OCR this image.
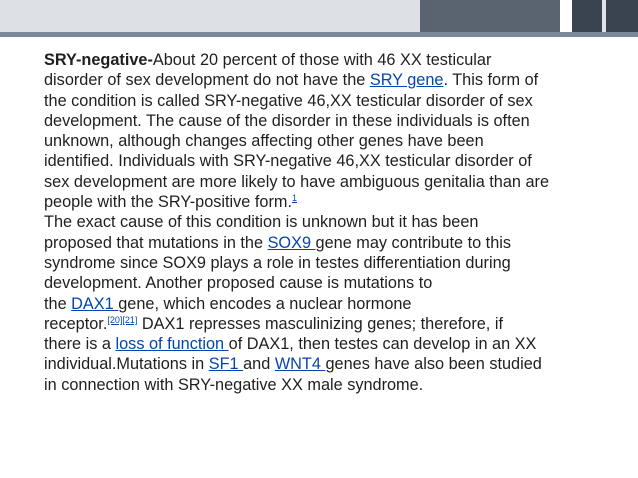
SRY-negative-About 20 percent of those with 46 XX testicular
disorder of sex development do not have the SRY gene. This form of
the condition is called SRY-negative 46,XX testicular disorder of sex
development. The cause of the disorder in these individuals is often
unknown, although changes affecting other genes have been
identified. Individuals with SRY-negative 46,XX testicular disorder of
sex development are more likely to have ambiguous genitalia than are
people with the SRY-positive form.$^1$
The exact cause of this condition is unknown but it has been
proposed that mutations in the SOX9 gene may contribute to this
syndrome since SOX9 plays a role in testes differentiation during
development. Another proposed cause is mutations to
the DAX1 gene, which encodes a nuclear hormone
receptor.[20][21] DAX1 represses masculinizing genes; therefore, if
there is a loss of function of DAX1, then testes can develop in an XX
individual.Mutations in SF1 and WNT4 genes have also been studied
in connection with SRY-negative XX male syndrome.
